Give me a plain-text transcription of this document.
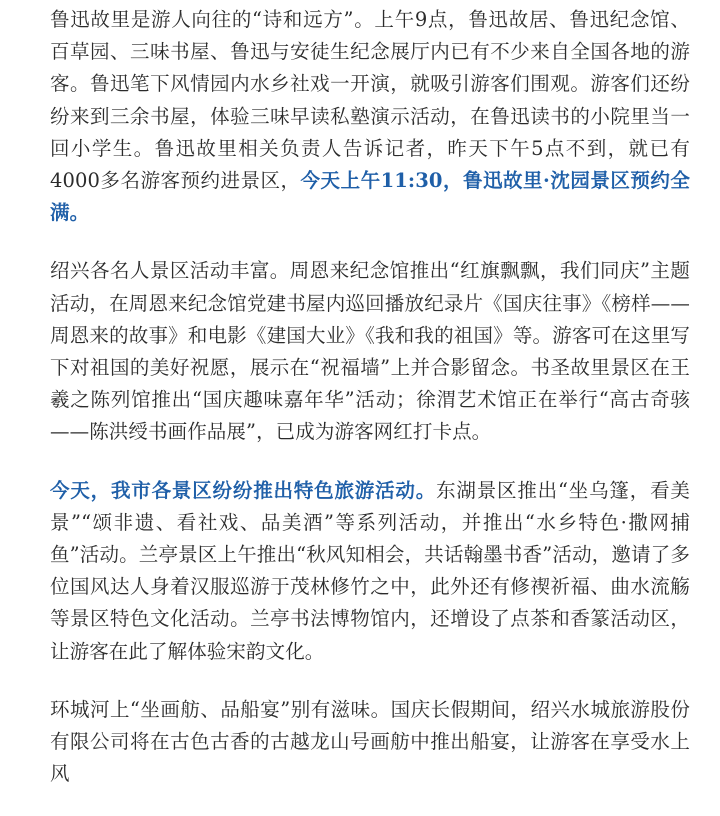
鲁迅故里是游人向往的“诗和远方”。上午9点，鲁迅故居、鲁迅纪念馆、百草园、三味书屋、鲁迅与安徒生纪念展厅内已有不少来自全国各地的游客。鲁迅笔下风情园内水乡社戏一开演，就吸引游客们围观。游客们还纷纷来到三余书屋，体验三味早读私塾演示活动，在鲁迅读书的小院里当一回小学生。鲁迅故里相关负责人告诉记者，昨天下午5点不到，就已有4000多名游客预约进景区，今天上午11:30，鲁迅故里·沈园景区预约全满。

绍兴各名人景区活动丰富。周恩来纪念馆推出“红旗飘飘，我们同庆”主题活动，在周恩来纪念馆党建书屋内巡回播放纪录片《国庆往事》《榜样——周恩来的故事》和电影《建国大业》《我和我的祖国》等。游客可在这里写下对祖国的美好祝愿，展示在“祝福墙”上并合影留念。书圣故里景区在王羲之陈列馆推出“国庆趣味嘉年华”活动；徐渭艺术馆正在举行“高古奇骇——陈洪绶书画作品展”，已成为游客网红打卡点。

今天，我市各景区纷纷推出特色旅游活动。东湖景区推出“坐乌篷，看美景”“颂非遗、看社戏、品美酒”等系列活动，并推出“水乡特色·撒网捕鱼”活动。兰亭景区上午推出“秋风知相会，共话翰墨书香”活动，邀请了多位国风达人身着汉服巡游于茂林修竹之中，此外还有修禊祈福、曲水流觞等景区特色文化活动。兰亭书法博物馆内，还增设了点茶和香篆活动区，让游客在此了解体验宋韵文化。

环城河上“坐画舫、品船宴”别有滋味。国庆长假期间，绍兴水城旅游股份有限公司将在古色古香的古越龙山号画舫中推出船宴，让游客在享受水上风
